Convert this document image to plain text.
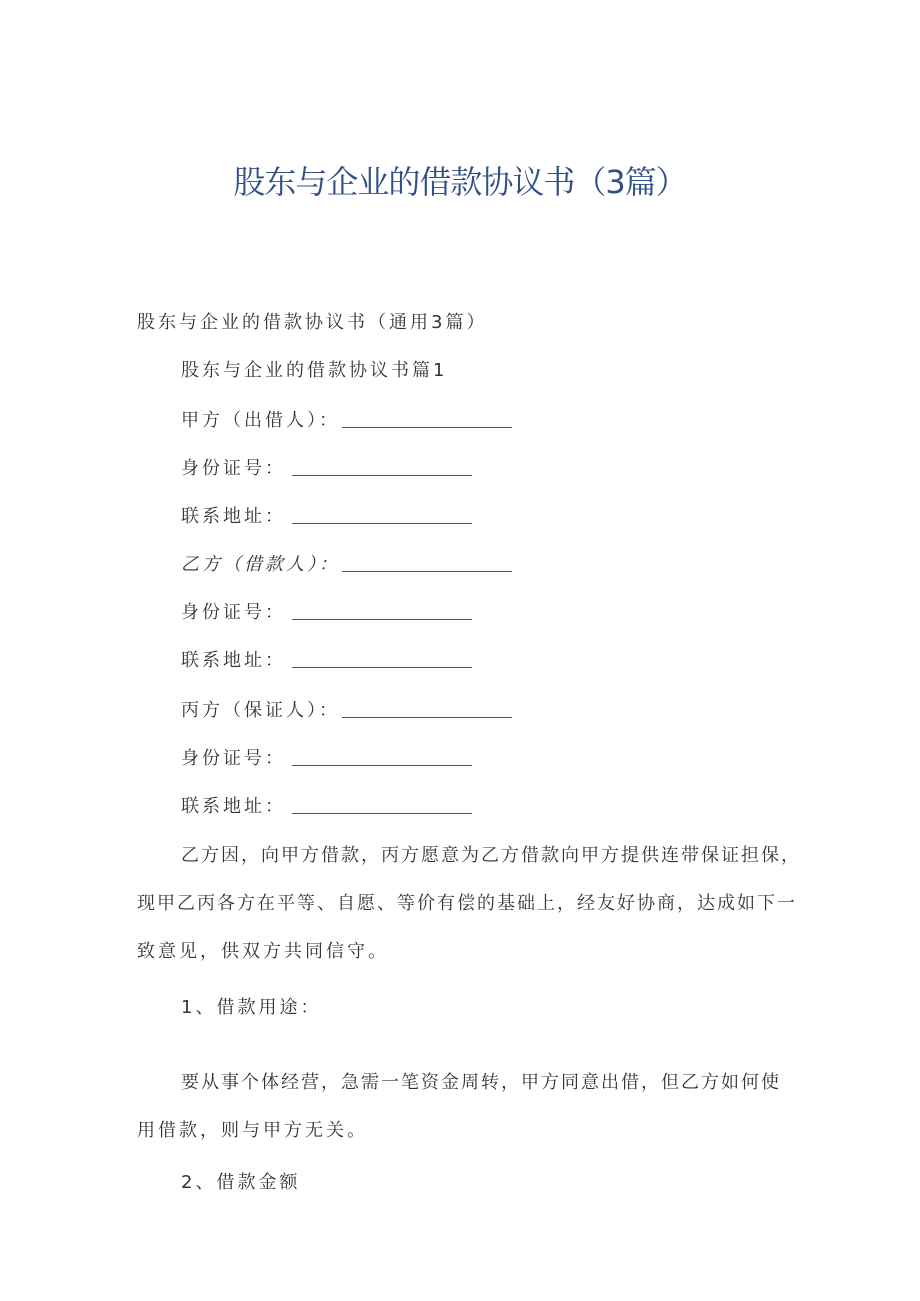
股东与企业的借款协议书（3篇）
股东与企业的借款协议书（通用3篇）
股东与企业的借款协议书篇1
甲方（出借人）：
身份证号：
联系地址：
乙方（借款人）：
身份证号：
联系地址：
丙方（保证人）：
身份证号：
联系地址：
乙方因，向甲方借款，丙方愿意为乙方借款向甲方提供连带保证担保，
现甲乙丙各方在平等、自愿、等价有偿的基础上，经友好协商，达成如下一
致意见，供双方共同信守。
1、借款用途：
要从事个体经营，急需一笔资金周转，甲方同意出借，但乙方如何使
用借款，则与甲方无关。
2、借款金额
